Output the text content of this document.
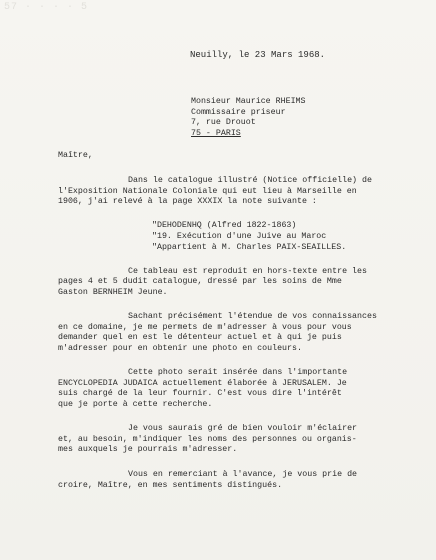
57 · · · · 5
Neuilly, le 23 Mars 1968.
Monsieur Maurice RHEIMS
Commissaire priseur
7, rue Drouot
75 - PARIS
Maître,
Dans le catalogue illustré (Notice officielle) de
l'Exposition Nationale Coloniale qui eut lieu à Marseille en
1906, j'ai relevé à la page XXXIX la note suivante :
"DEHODENHQ (Alfred 1822-1863)
"19. Exécution d'une Juive au Maroc
"Appartient à M. Charles PAIX-SEAILLES.
Ce tableau est reproduit en hors-texte entre les
pages 4 et 5 dudit catalogue, dressé par les soins de Mme
Gaston BERNHEIM Jeune.
Sachant précisément l'étendue de vos connaissances
en ce domaine, je me permets de m'adresser à vous pour vous
demander quel en est le détenteur actuel et à qui je puis
m'adresser pour en obtenir une photo en couleurs.
Cette photo serait insérée dans l'importante
ENCYCLOPEDIA JUDAICA actuellement élaborée à JERUSALEM. Je
suis chargé de la leur fournir. C'est vous dire l'intérêt
que je porte à cette recherche.
Je vous saurais gré de bien vouloir m'éclairer
et, au besoin, m'indiquer les noms des personnes ou organis-
mes auxquels je pourrais m'adresser.
Vous en remerciant à l'avance, je vous prie de
croire, Maître, en mes sentiments distingués.
